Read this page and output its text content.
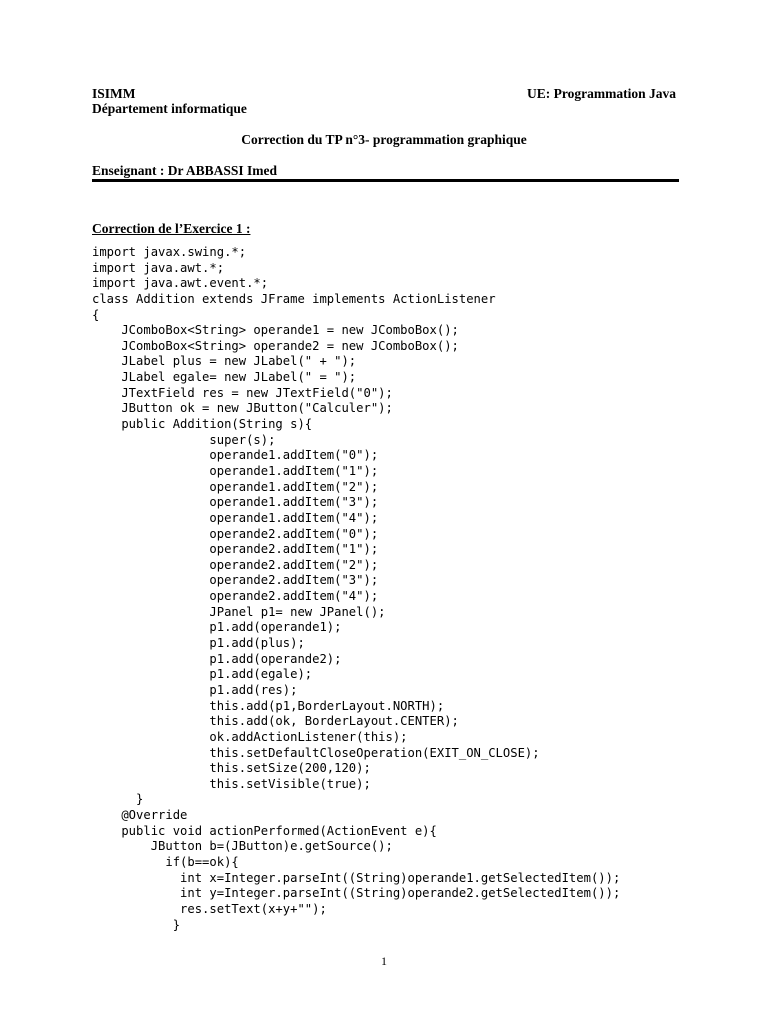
ISIMM
Département informatique
UE: Programmation Java
Correction du TP n°3- programmation graphique
Enseignant : Dr ABBASSI Imed
Correction de l’Exercice 1 :
import javax.swing.*;
import java.awt.*;
import java.awt.event.*;
class Addition extends JFrame implements ActionListener
{
JComboBox<String> operande1 = new JComboBox();
JComboBox<String> operande2 = new JComboBox();
JLabel plus = new JLabel(" + ");
JLabel egale= new JLabel(" = ");
JTextField res = new JTextField("0");
JButton ok = new JButton("Calculer");
public Addition(String s){
super(s);
operande1.addItem("0");
operande1.addItem("1");
operande1.addItem("2");
operande1.addItem("3");
operande1.addItem("4");
operande2.addItem("0");
operande2.addItem("1");
operande2.addItem("2");
operande2.addItem("3");
operande2.addItem("4");
JPanel p1= new JPanel();
p1.add(operande1);
p1.add(plus);
p1.add(operande2);
p1.add(egale);
p1.add(res);
this.add(p1,BorderLayout.NORTH);
this.add(ok, BorderLayout.CENTER);
ok.addActionListener(this);
this.setDefaultCloseOperation(EXIT_ON_CLOSE);
this.setSize(200,120);
this.setVisible(true);
}
@Override
public void actionPerformed(ActionEvent e){
JButton b=(JButton)e.getSource();
if(b==ok){
int x=Integer.parseInt((String)operande1.getSelectedItem());
int y=Integer.parseInt((String)operande2.getSelectedItem());
res.setText(x+y+"");
}
1
